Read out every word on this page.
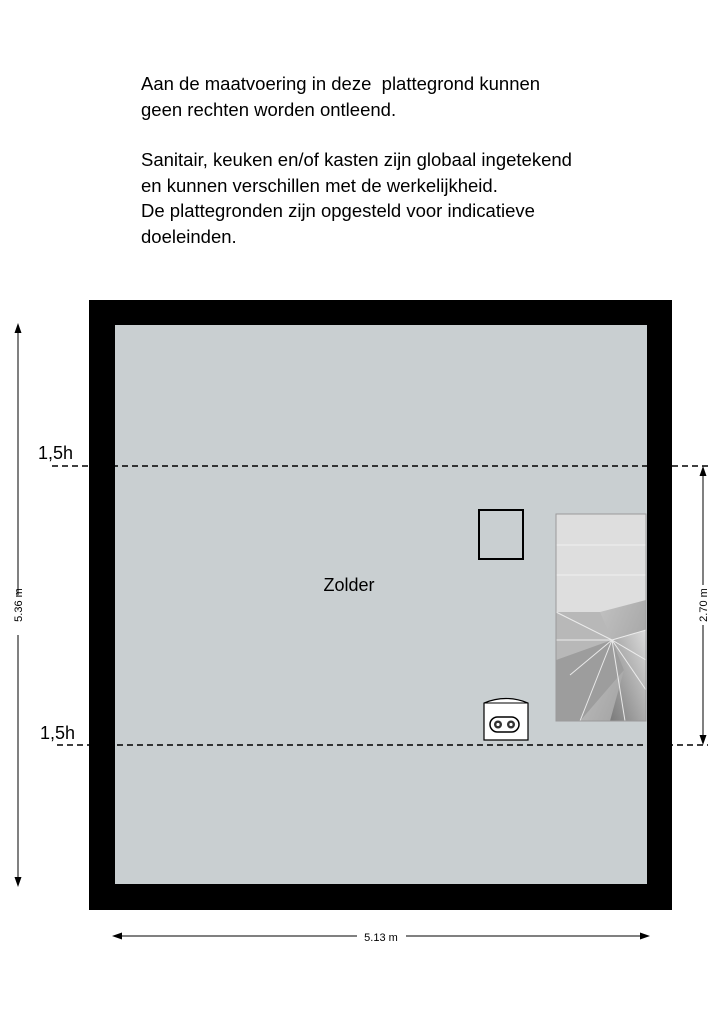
Aan de maatvoering in deze  plattegrond kunnen
geen rechten worden ontleend.

Sanitair, keuken en/of kasten zijn globaal ingetekend
en kunnen verschillen met de werkelijkheid.
De plattegronden zijn opgesteld voor indicatieve
doeleinden.

Zolder
1,5h
1,5h
5.36 m
5.13 m
2.70 m
